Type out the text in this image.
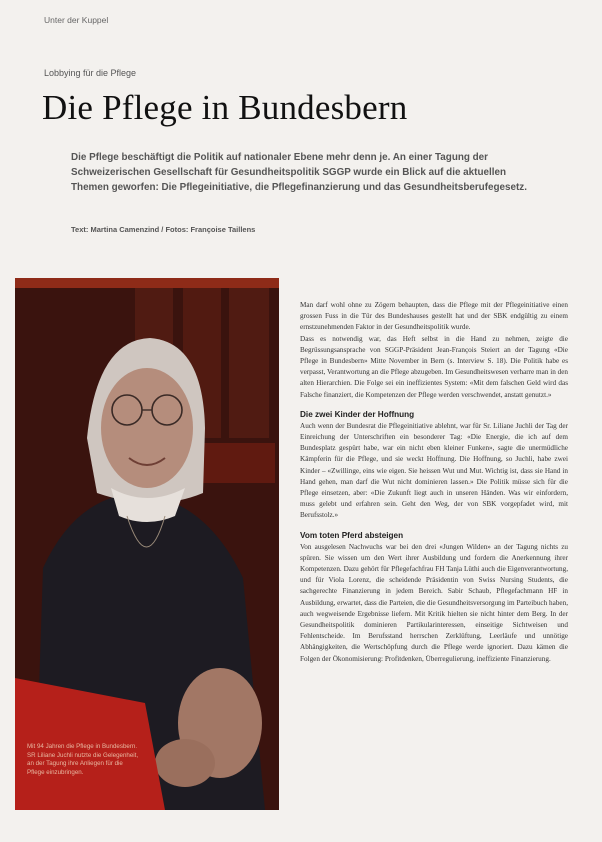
Unter der Kuppel
Lobbying für die Pflege
Die Pflege in Bundesbern

Die Pflege beschäftigt die Politik auf nationaler Ebene mehr denn je. An einer Tagung der Schweizerischen Gesellschaft für Gesundheitspolitik SGGP wurde ein Blick auf die aktuellen Themen geworfen: Die Pflegeinitiative, die Pflegefinanzierung und das Gesundheitsberufegesetz.

Text: Martina Camenzind / Fotos: Françoise Taillens

Mit 94 Jahren die Pflege in Bundesbern. SR Liliane Juchli nutzte die Gelegenheit, an der Tagung ihre Anliegen für die Pflege einzubringen.

Man darf wohl ohne zu Zögern behaupten, dass die Pflege mit der Pflegeinitiative einen grossen Fuss in die Tür des Bundeshauses gestellt hat und der SBK endgültig zu einem ernstzunehmenden Faktor in der Gesundheitspolitik wurde.

Dass es notwendig war, das Heft selbst in die Hand zu nehmen, zeigte die Begrüssungsansprache von SGGP-Präsident Jean-François Steiert an der Tagung «Die Pflege in Bundesbern» Mitte November in Bern (s. Interview S. 18). Die Politik habe es verpasst, Verantwortung an die Pflege abzugeben. Im Gesundheitswesen verharre man in den alten Hierarchien. Die Folge sei ein ineffizientes System: «Mit dem falschen Geld wird das Falsche finanziert, die Kompetenzen der Pflege werden verschwendet, anstatt genutzt.»

Die zwei Kinder der Hoffnung

Auch wenn der Bundesrat die Pflegeinitiative ablehnt, war für Sr. Liliane Juchli der Tag der Einreichung der Unterschriften ein besonderer Tag: «Die Energie, die ich auf dem Bundesplatz gespürt habe, war ein nicht eben kleiner Funken», sagte die unermüdliche Kämpferin für die Pflege, und sie weckt Hoffnung. Die Hoffnung, so Juchli, habe zwei Kinder – «Zwillinge, eins wie eigen. Sie heissen Wut und Mut. Wichtig ist, dass sie Hand in Hand gehen, man darf die Wut nicht dominieren lassen.» Die Politik müsse sich für die Pflege einsetzen, aber: «Die Zukunft liegt auch in unseren Händen. Was wir einfordern, muss gelebt und erfahren sein. Geht den Weg, der von SBK vorgepfadet wird, mit Berufsstolz.»

Vom toten Pferd absteigen

Von ausgelesen Nachwuchs war bei den drei «Jungen Wilden» an der Tagung nichts zu spüren. Sie wissen um den Wert ihrer Ausbildung und fordern die Anerkennung ihrer Kompetenzen. Dazu gehört für Pflegefachfrau FH Tanja Lüthi auch die Eigenverantwortung, und für Viola Lorenz, die scheidende Präsidentin von Swiss Nursing Students, die sachgerechte Finanzierung in jedem Bereich. Sabir Schaub, Pflegefachmann HF in Ausbildung, erwartet, dass die Parteien, die die Gesundheitsversorgung im Parteibuch haben, auch wegweisende Ergebnisse liefern. Mit Kritik hielten sie nicht hinter dem Berg. In der Gesundheitspolitik dominieren Partikularinteressen, einseitige Sichtweisen und Fehlentscheide. Im Berufsstand herrschen Zerklüftung, Leerläufe und unnötige Abhängigkeiten, die Wertschöpfung durch die Pflege werde ignoriert. Dazu kämen die Folgen der Ökonomisierung: Profitdenken, Überregulierung, ineffiziente Finanzierung.
